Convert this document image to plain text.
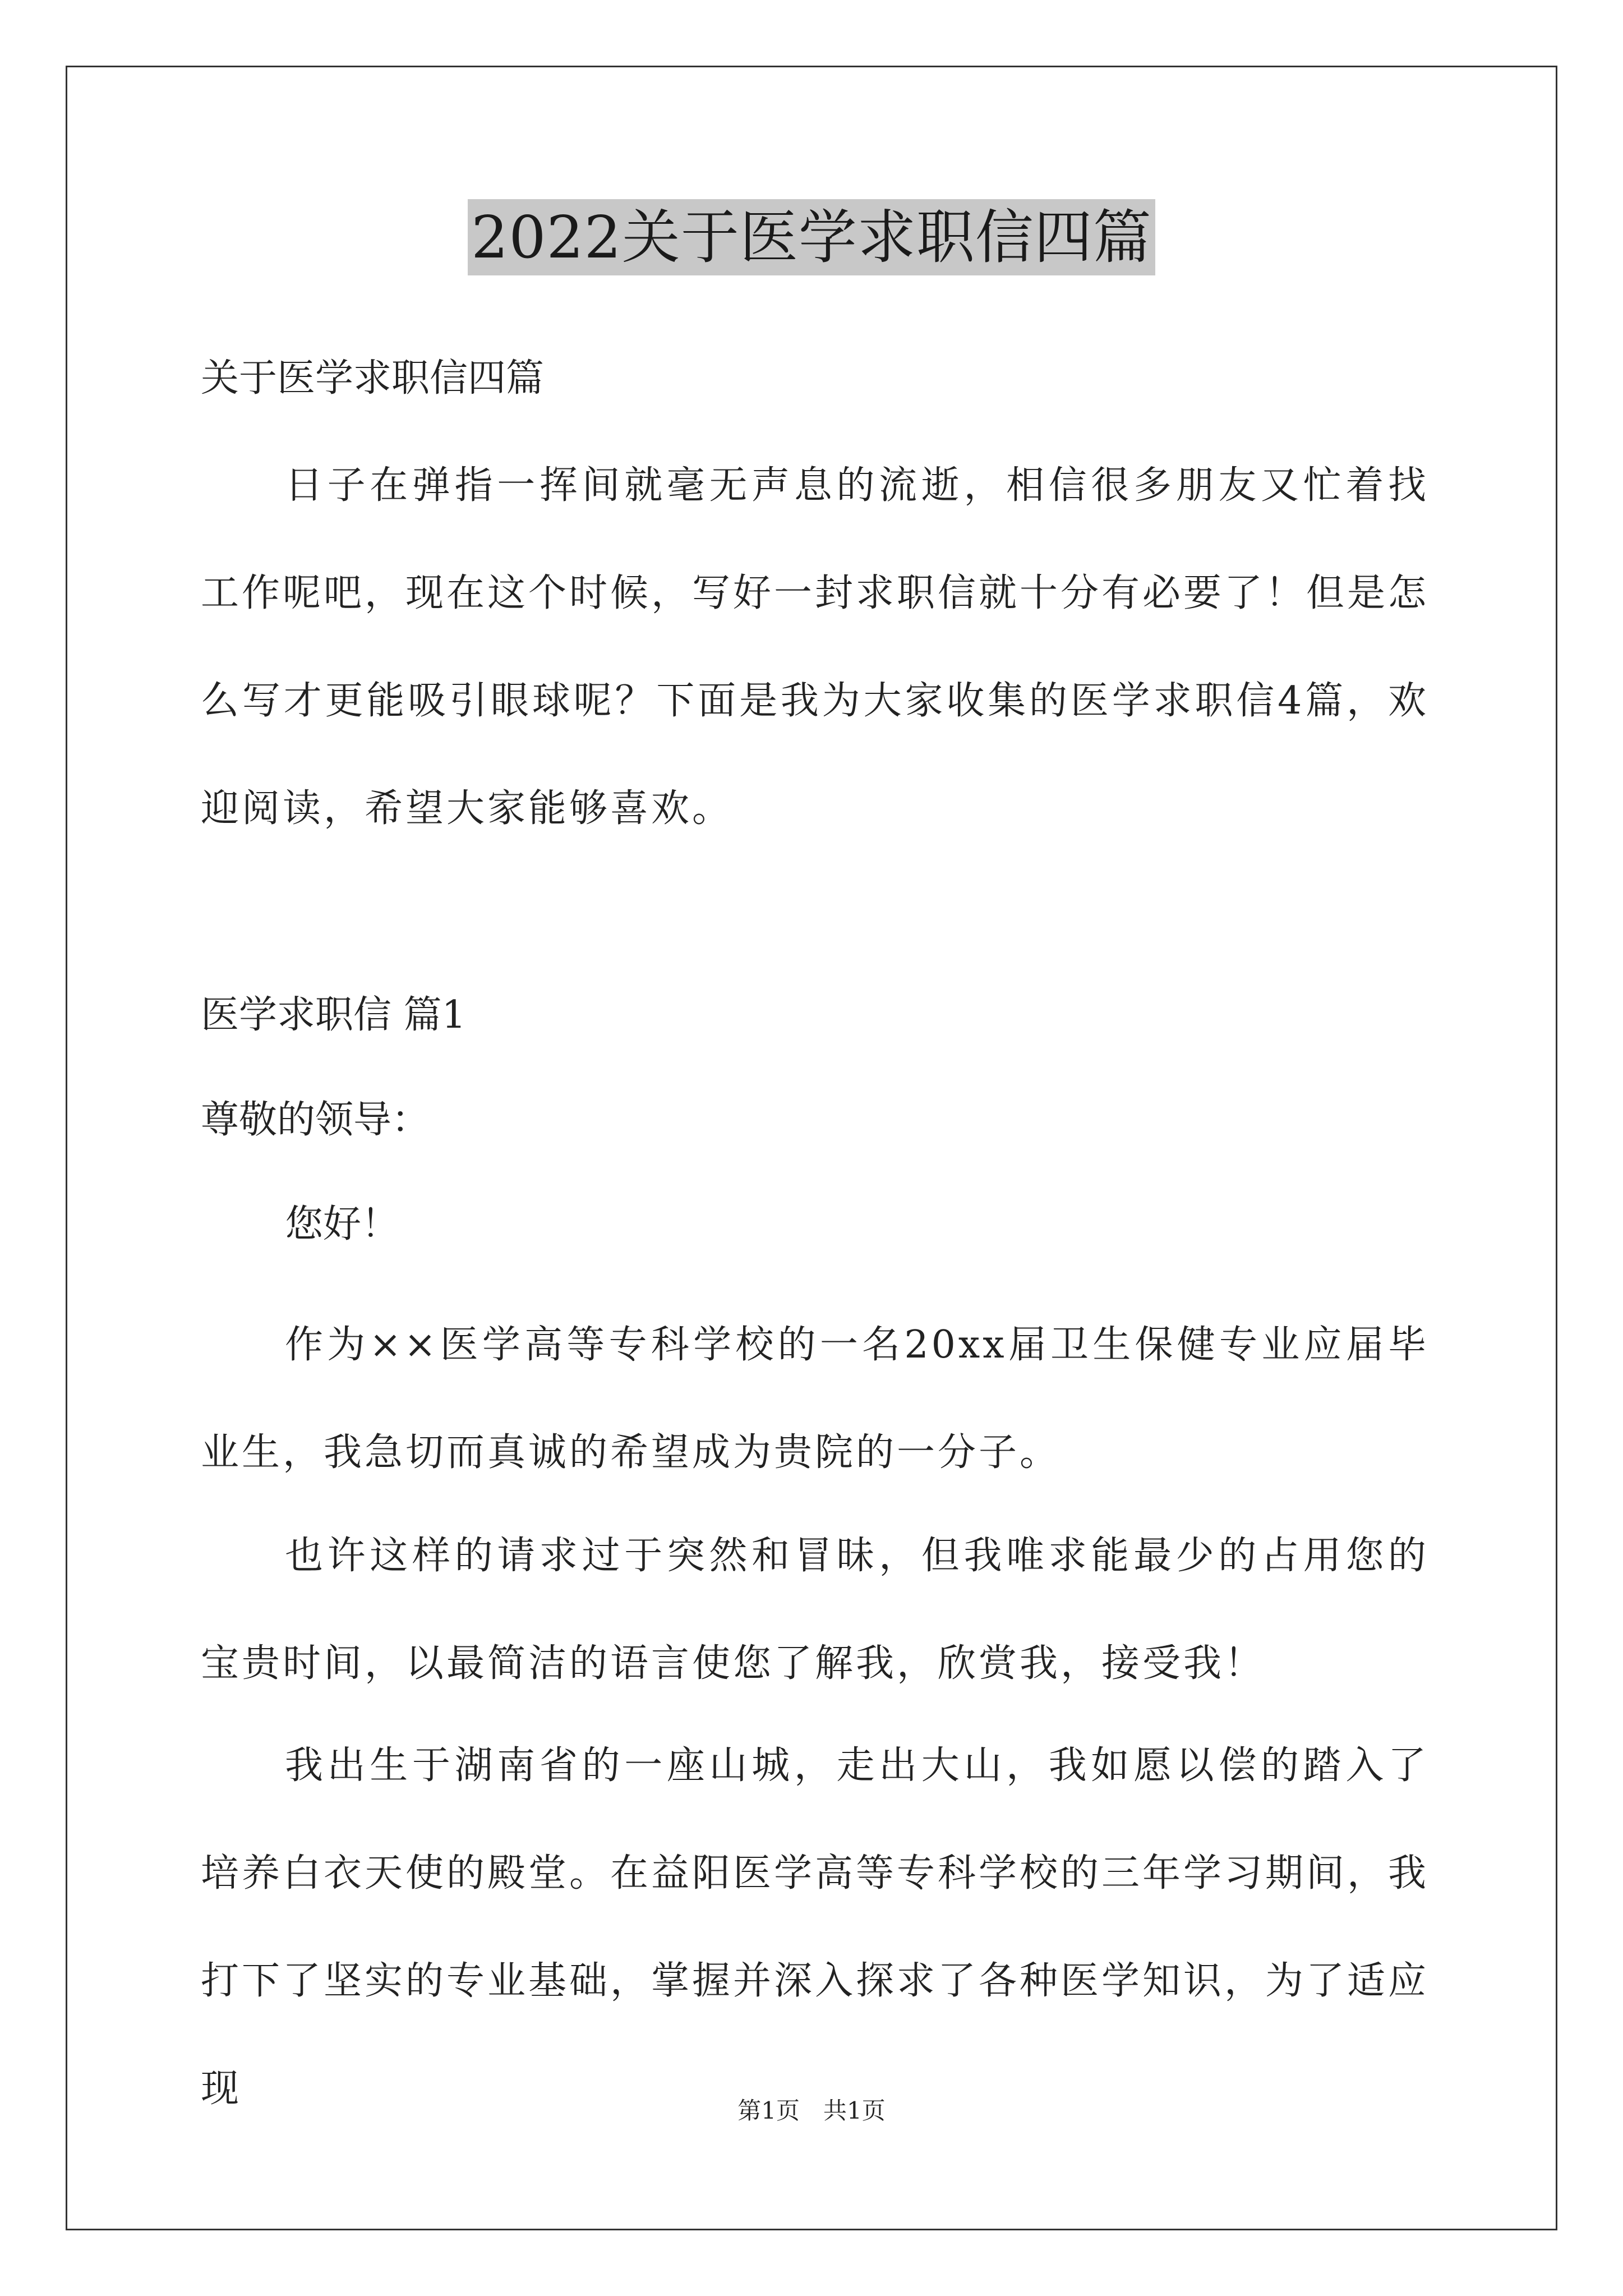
2022关于医学求职信四篇
关于医学求职信四篇
日子在弹指一挥间就毫无声息的流逝，相信很多朋友又忙着找工作呢吧，现在这个时候，写好一封求职信就十分有必要了！但是怎么写才更能吸引眼球呢？下面是我为大家收集的医学求职信4篇，欢迎阅读，希望大家能够喜欢。
医学求职信 篇1
尊敬的领导：
您好！
作为××医学高等专科学校的一名20xx届卫生保健专业应届毕业生，我急切而真诚的希望成为贵院的一分子。
也许这样的请求过于突然和冒昧，但我唯求能最少的占用您的宝贵时间，以最简洁的语言使您了解我，欣赏我，接受我！
我出生于湖南省的一座山城，走出大山，我如愿以偿的踏入了培养白衣天使的殿堂。在益阳医学高等专科学校的三年学习期间，我打下了坚实的专业基础，掌握并深入探求了各种医学知识，为了适应现	第1页　共1页
